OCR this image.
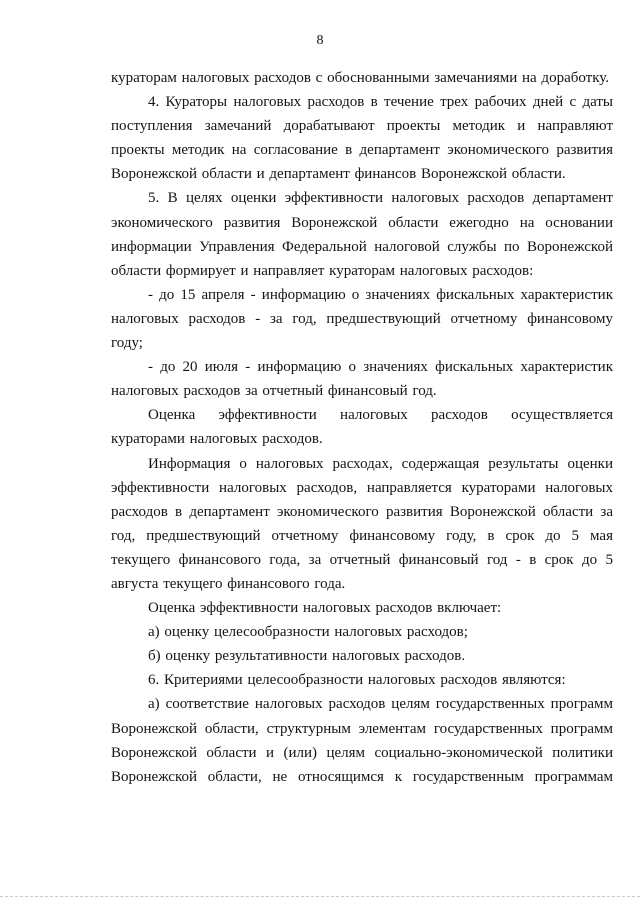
8

кураторам налоговых расходов с обоснованными замечаниями на доработку.

4. Кураторы налоговых расходов в течение трех рабочих дней с даты поступления замечаний дорабатывают проекты методик и направляют проекты методик на согласование в департамент экономического развития Воронежской области и департамент финансов Воронежской области.

5. В целях оценки эффективности налоговых расходов департамент экономического развития Воронежской области ежегодно на основании информации Управления Федеральной налоговой службы по Воронежской области формирует и направляет кураторам налоговых расходов:

- до 15 апреля - информацию о значениях фискальных характеристик налоговых расходов - за год, предшествующий отчетному финансовому году;

- до 20 июля - информацию о значениях фискальных характеристик налоговых расходов за отчетный финансовый год.

Оценка эффективности налоговых расходов осуществляется кураторами налоговых расходов.

Информация о налоговых расходах, содержащая результаты оценки эффективности налоговых расходов, направляется кураторами налоговых расходов в департамент экономического развития Воронежской области за год, предшествующий отчетному финансовому году, в срок до 5 мая текущего финансового года, за отчетный финансовый год - в срок до 5 августа текущего финансового года.

Оценка эффективности налоговых расходов включает:

а) оценку целесообразности налоговых расходов;

б) оценку результативности налоговых расходов.

6. Критериями целесообразности налоговых расходов являются:

а) соответствие налоговых расходов целям государственных программ Воронежской области, структурным элементам государственных программ Воронежской области и (или) целям социально-экономической политики Воронежской области, не относящимся к государственным программам
